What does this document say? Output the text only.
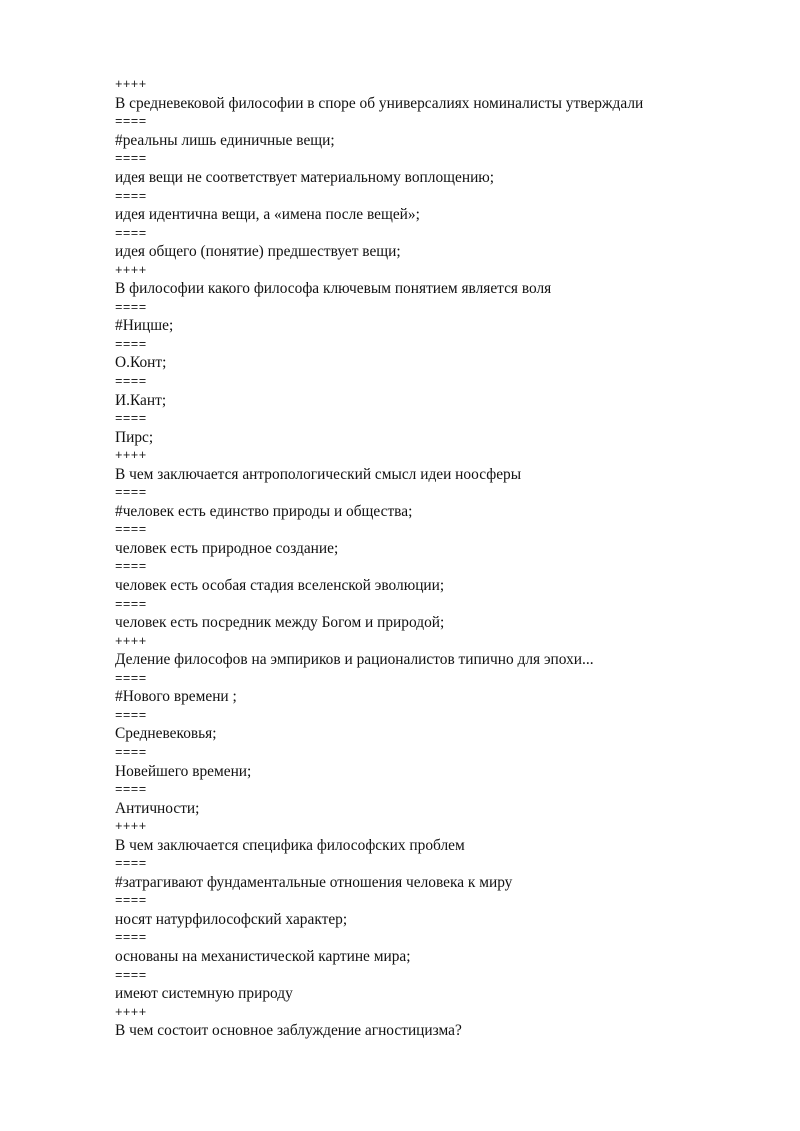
++++
В средневековой философии в споре об универсалиях номиналисты утверждали
====
#реальны лишь единичные вещи;
====
идея вещи не соответствует материальному воплощению;
====
идея идентична вещи, а «имена после вещей»;
====
идея общего (понятие) предшествует вещи;
++++
В философии какого философа ключевым понятием является воля
====
#Ницше;
====
О.Конт;
====
И.Кант;
====
Пирс;
++++
В чем заключается антропологический смысл идеи ноосферы
====
#человек есть единство природы и общества;
====
человек есть природное создание;
====
человек есть особая стадия вселенской эволюции;
====
человек есть посредник между Богом и природой;
++++
Деление философов на эмпириков и рационалистов типично для эпохи...
====
#Нового времени ;
====
Средневековья;
====
Новейшего времени;
====
Античности;
++++
В чем заключается специфика философских проблем
====
#затрагивают фундаментальные отношения человека к миру
====
носят натурфилософский характер;
====
основаны на механистической картине мира;
====
имеют системную природу
++++
В чем состоит основное заблуждение агностицизма?
